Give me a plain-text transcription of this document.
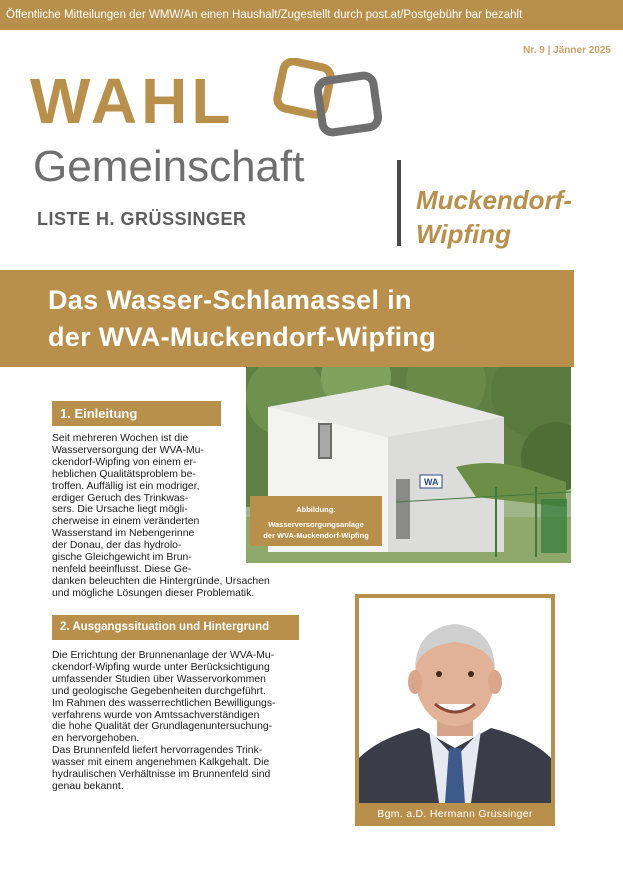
Öffentliche Mitteilungen der WMW/An einen Haushalt/Zugestellt durch post.at/Postgebühr bar bezahlt
Nr. 9 | Jänner 2025
WAHL
Gemeinschaft
LISTE H. GRÜSSINGER
Muckendorf-
Wipfing
Das Wasser-Schlamassel in
der WVA-Muckendorf-Wipfing
WA
Abbildung:
Wasserversorgungsanlage
der WVA-Muckendorf-Wipfing
1. Einleitung
Seit mehreren Wochen ist die
Wasserversorgung der WVA-Mu-
ckendorf-Wipfing von einem er-
heblichen Qualitätsproblem be-
troffen. Auffällig ist ein modriger,
erdiger Geruch des Trinkwas-
sers. Die Ursache liegt mögli-
cherweise in einem veränderten
Wasserstand im Nebengerinne
der Donau, der das hydrolo-
gische Gleichgewicht im Brun-
nenfeld beeinflusst. Diese Ge-
danken beleuchten die Hintergründe, Ursachen
und mögliche Lösungen dieser Problematik.
2. Ausgangssituation und Hintergrund
Die Errichtung der Brunnenanlage der WVA-Mu-
ckendorf-Wipfing wurde unter Berücksichtigung
umfassender Studien über Wasservorkommen
und geologische Gegebenheiten durchgeführt.
Im Rahmen des wasserrechtlichen Bewilligungs-
verfahrens wurde von Amtssachverständigen
die hohe Qualität der Grundlagenuntersuchung-
en hervorgehoben.
Das Brunnenfeld liefert hervorragendes Trink-
wasser mit einem angenehmen Kalkgehalt. Die
hydraulischen Verhältnisse im Brunnenfeld sind
genau bekannt.
Bgm. a.D. Hermann Grüssinger
